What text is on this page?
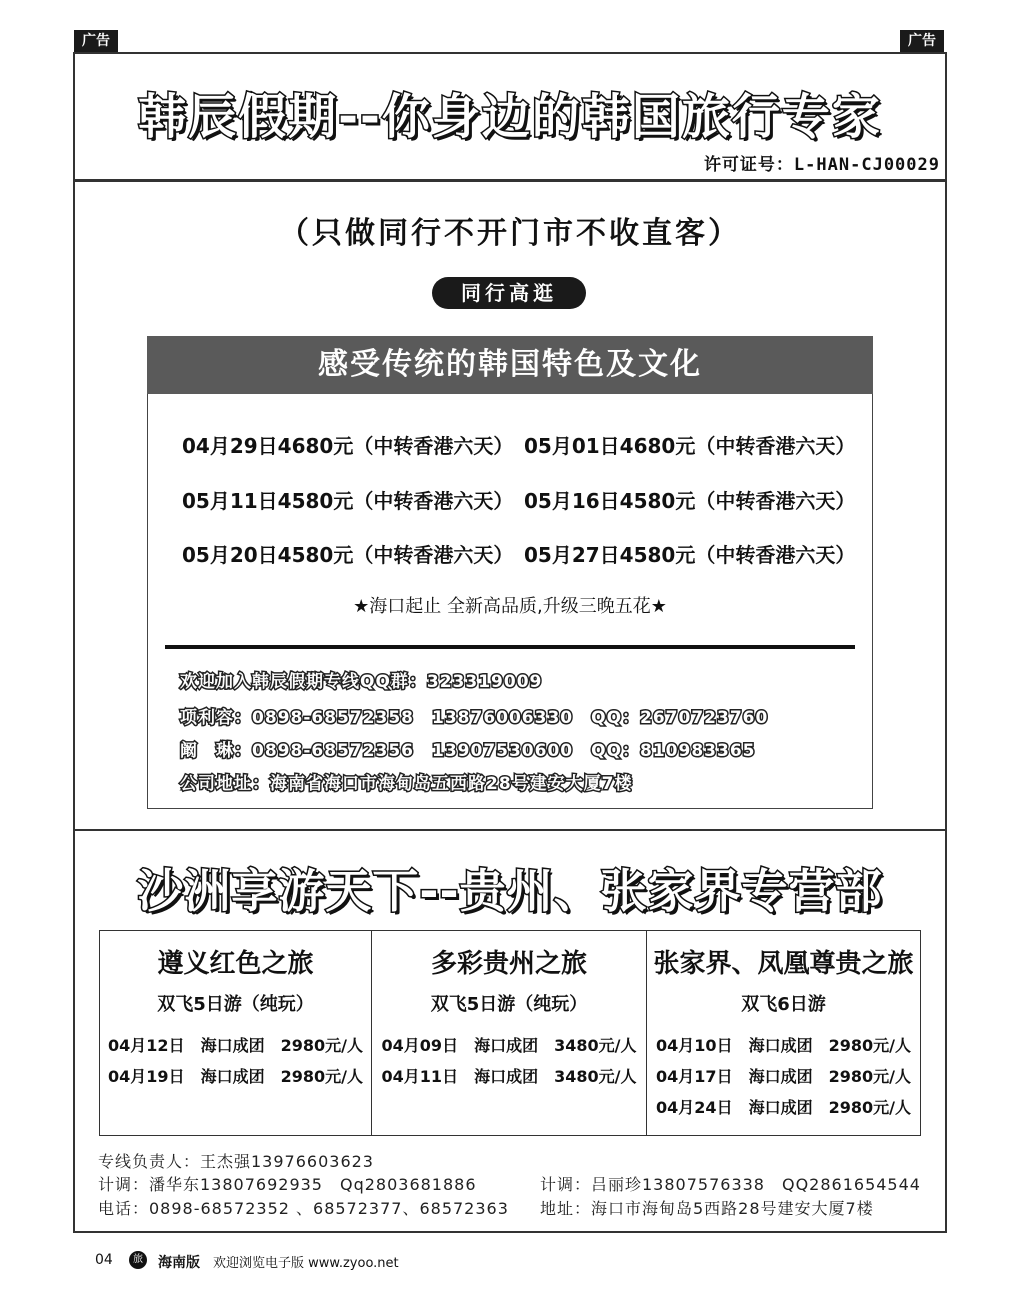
广告	广告
韩辰假期--你身边的韩国旅行专家
许可证号：L-HAN-CJ00029
（只做同行不开门市不收直客）
同行高逛
感受传统的韩国特色及文化
04月29日4680元（中转香港六天） 05月01日4680元（中转香港六天）
05月11日4580元（中转香港六天） 05月16日4580元（中转香港六天）
05月20日4580元（中转香港六天） 05月27日4580元（中转香港六天）
★海口起止 全新高品质,升级三晚五花★
欢迎加入韩辰假期专线QQ群：323319009
项利容：0898-68572358　13876006330　QQ：2670723760
阚　琳：0898-68572356　13907530600　QQ：810983365
公司地址：海南省海口市海甸岛五西路28号建安大厦7楼
沙洲享游天下--贵州、张家界专营部
遵义红色之旅
双飞5日游（纯玩）
04月12日　海口成团　2980元/人
04月19日　海口成团　2980元/人
多彩贵州之旅
双飞5日游（纯玩）
04月09日　海口成团　3480元/人
04月11日　海口成团　3480元/人
张家界、凤凰尊贵之旅
双飞6日游
04月10日　海口成团　2980元/人
04月17日　海口成团　2980元/人
04月24日　海口成团　2980元/人
专线负责人：王杰强13976603623
计调：潘华东13807692935　Qq2803681886	计调：吕丽珍13807576338　QQ2861654544
电话：0898-68572352 、68572377、68572363 地址：海口市海甸岛5西路28号建安大厦7楼
04	旅 海南版 欢迎浏览电子版 www.zyoo.net
